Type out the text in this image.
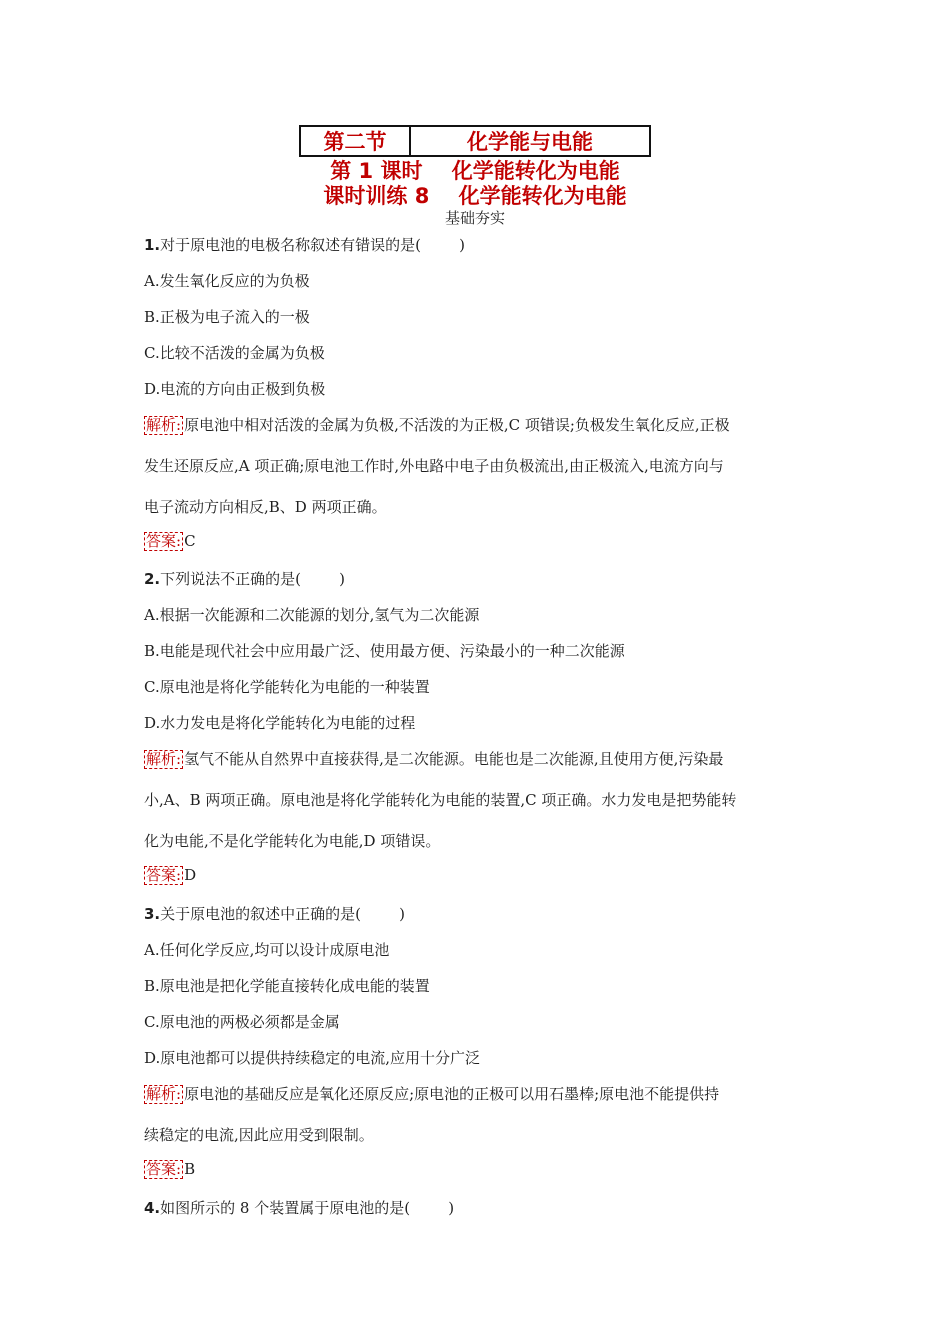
第二节	化学能与电能
第 1 课时    化学能转化为电能
课时训练 8    化学能转化为电能
基础夯实
1.对于原电池的电极名称叙述有错误的是(        )
A.发生氧化反应的为负极
B.正极为电子流入的一极
C.比较不活泼的金属为负极
D.电流的方向由正极到负极
解析: 原电池中相对活泼的金属为负极,不活泼的为正极,C 项错误;负极发生氧化反应,正极
发生还原反应,A 项正确;原电池工作时,外电路中电子由负极流出,由正极流入,电流方向与
电子流动方向相反,B、D 两项正确。
答案: C
2.下列说法不正确的是(        )
A.根据一次能源和二次能源的划分,氢气为二次能源
B.电能是现代社会中应用最广泛、使用最方便、污染最小的一种二次能源
C.原电池是将化学能转化为电能的一种装置
D.水力发电是将化学能转化为电能的过程
解析: 氢气不能从自然界中直接获得,是二次能源。电能也是二次能源,且使用方便,污染最
小,A、B 两项正确。原电池是将化学能转化为电能的装置,C 项正确。水力发电是把势能转
化为电能,不是化学能转化为电能,D 项错误。
答案: D
3.关于原电池的叙述中正确的是(        )
A.任何化学反应,均可以设计成原电池
B.原电池是把化学能直接转化成电能的装置
C.原电池的两极必须都是金属
D.原电池都可以提供持续稳定的电流,应用十分广泛
解析: 原电池的基础反应是氧化还原反应;原电池的正极可以用石墨棒;原电池不能提供持
续稳定的电流,因此应用受到限制。
答案: B
4.如图所示的 8 个装置属于原电池的是(        )
